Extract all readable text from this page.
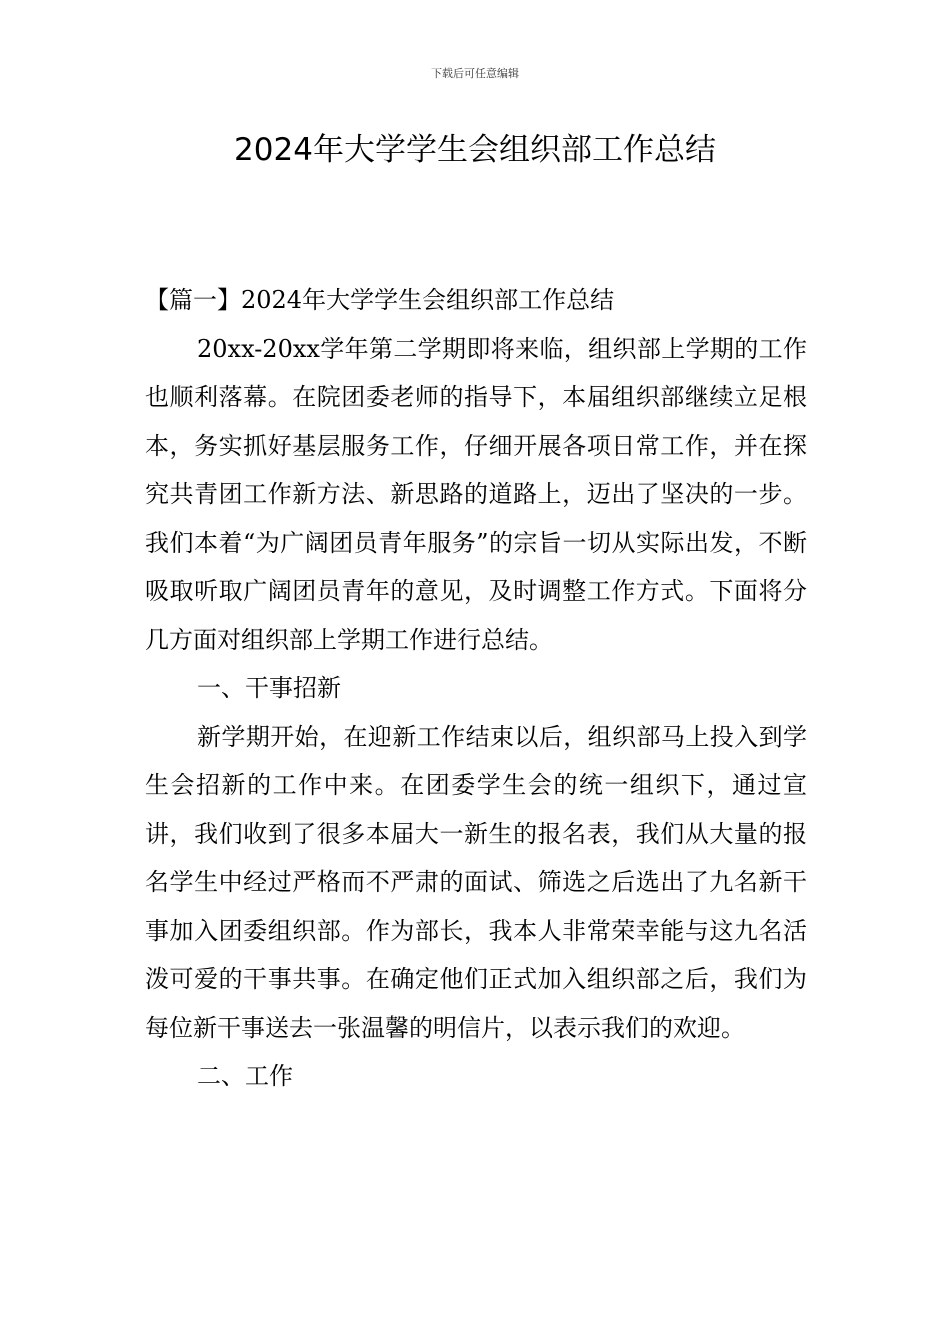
下载后可任意编辑
2024年大学学生会组织部工作总结

【篇一】2024年大学学生会组织部工作总结

20xx-20xx学年第二学期即将来临，组织部上学期的工作也顺利落幕。在院团委老师的指导下，本届组织部继续立足根本，务实抓好基层服务工作，仔细开展各项日常工作，并在探究共青团工作新方法、新思路的道路上，迈出了坚决的一步。我们本着“为广阔团员青年服务”的宗旨一切从实际出发，不断吸取听取广阔团员青年的意见，及时调整工作方式。下面将分几方面对组织部上学期工作进行总结。

一、干事招新

新学期开始，在迎新工作结束以后，组织部马上投入到学生会招新的工作中来。在团委学生会的统一组织下，通过宣讲，我们收到了很多本届大一新生的报名表，我们从大量的报名学生中经过严格而不严肃的面试、筛选之后选出了九名新干事加入团委组织部。作为部长，我本人非常荣幸能与这九名活泼可爱的干事共事。在确定他们正式加入组织部之后，我们为每位新干事送去一张温馨的明信片，以表示我们的欢迎。

二、工作
